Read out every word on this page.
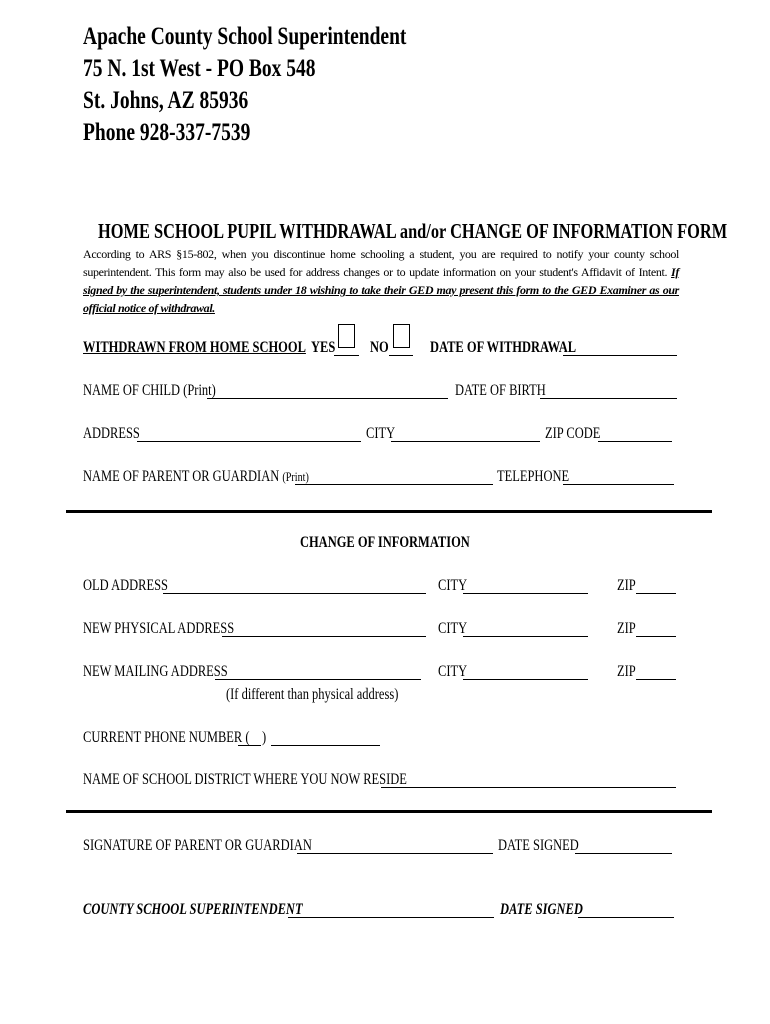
Apache County School Superintendent
75 N. 1st West - PO Box 548
St. Johns, AZ 85936
Phone 928-337-7539
HOME SCHOOL PUPIL WITHDRAWAL and/or CHANGE OF INFORMATION FORM
According to ARS §15-802, when you discontinue home schooling a student, you are required to notify your county school superintendent. This form may also be used for address changes or to update information on your student's Affidavit of Intent. If signed by the superintendent, students under 18 wishing to take their GED may present this form to the GED Examiner as our official notice of withdrawal.
WITHDRAWN FROM HOME SCHOOL YES	NO	DATE OF WITHDRAWAL
NAME OF CHILD (Print)	DATE OF BIRTH
ADDRESS	CITY	ZIP CODE
NAME OF PARENT OR GUARDIAN (Print)	TELEPHONE
CHANGE OF INFORMATION
OLD ADDRESS	CITY	ZIP
NEW PHYSICAL ADDRESS	CITY	ZIP
NEW MAILING ADDRESS	CITY	ZIP
(If different than physical address)
CURRENT PHONE NUMBER ( )
NAME OF SCHOOL DISTRICT WHERE YOU NOW RESIDE
SIGNATURE OF PARENT OR GUARDIAN	DATE SIGNED
COUNTY SCHOOL SUPERINTENDENT	DATE SIGNED
